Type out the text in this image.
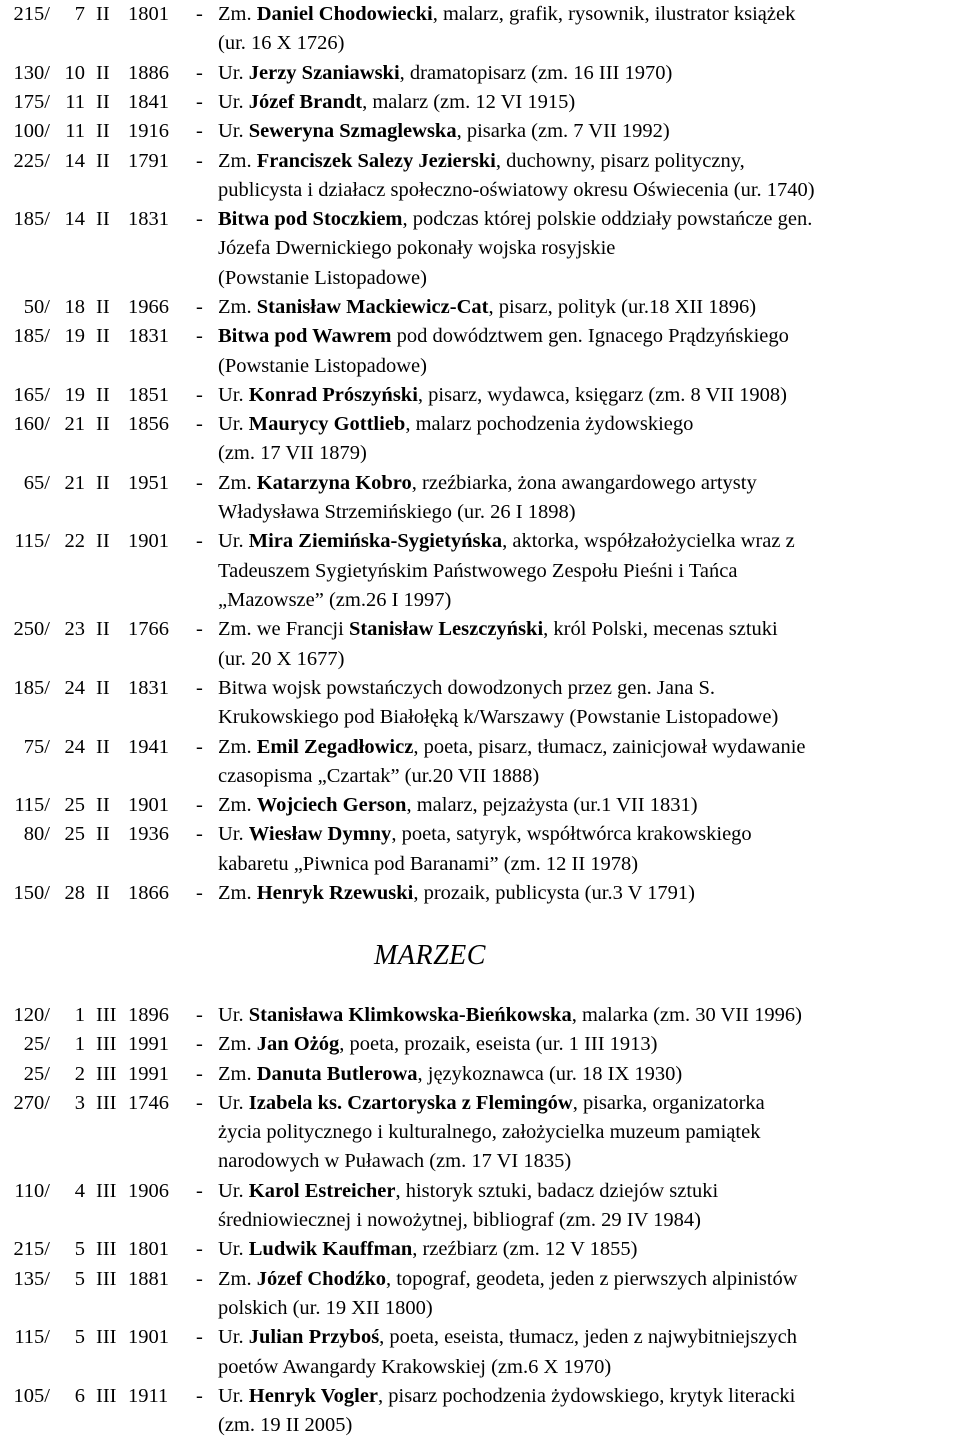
215/	7 II 1801	- Zm. Daniel Chodowiecki, malarz, grafik, rysownik, ilustrator książek
(ur. 16 X 1726)
130/ 10 II 1886	- Ur. Jerzy Szaniawski, dramatopisarz (zm. 16 III 1970)
175/ 11 II 1841	- Ur. Józef Brandt, malarz (zm. 12 VI 1915)
100/ 11 II 1916	- Ur. Seweryna Szmaglewska, pisarka (zm. 7 VII 1992)
225/ 14 II 1791	- Zm. Franciszek Salezy Jezierski, duchowny, pisarz polityczny,
publicysta i działacz społeczno-oświatowy okresu Oświecenia (ur. 1740)
185/ 14 II 1831	- Bitwa pod Stoczkiem, podczas której polskie oddziały powstańcze gen.
Józefa Dwernickiego pokonały wojska rosyjskie
(Powstanie Listopadowe)
50/ 18 II 1966	- Zm. Stanisław Mackiewicz-Cat, pisarz, polityk (ur.18 XII 1896)
185/ 19 II 1831	- Bitwa pod Wawrem pod dowództwem gen. Ignacego Prądzyńskiego
(Powstanie Listopadowe)
165/ 19 II 1851	- Ur. Konrad Prószyński, pisarz, wydawca, księgarz (zm. 8 VII 1908)
160/ 21 II 1856	- Ur. Maurycy Gottlieb, malarz pochodzenia żydowskiego
(zm. 17 VII 1879)
65/ 21 II 1951	- Zm. Katarzyna Kobro, rzeźbiarka, żona awangardowego artysty
Władysława Strzemińskiego (ur. 26 I 1898)
115/ 22 II 1901	- Ur. Mira Ziemińska-Sygietyńska, aktorka, współzałożycielka wraz z
Tadeuszem Sygietyńskim Państwowego Zespołu Pieśni i Tańca
„Mazowsze” (zm.26 I 1997)
250/ 23 II 1766	- Zm. we Francji Stanisław Leszczyński, król Polski, mecenas sztuki
(ur. 20 X 1677)
185/ 24 II 1831	- Bitwa wojsk powstańczych dowodzonych przez gen. Jana S.
Krukowskiego pod Białołęką k/Warszawy (Powstanie Listopadowe)
75/ 24 II 1941	- Zm. Emil Zegadłowicz, poeta, pisarz, tłumacz, zainicjował wydawanie
czasopisma „Czartak” (ur.20 VII 1888)
115/ 25 II 1901	- Zm. Wojciech Gerson, malarz, pejzażysta (ur.1 VII 1831)
80/ 25 II 1936	- Ur. Wiesław Dymny, poeta, satyryk, współtwórca krakowskiego
kabaretu „Piwnica pod Baranami” (zm. 12 II 1978)
150/ 28 II 1866	- Zm. Henryk Rzewuski, prozaik, publicysta (ur.3 V 1791)
MARZEC
120/	1 III 1896	- Ur. Stanisława Klimkowska-Bieńkowska, malarka (zm. 30 VII 1996)
25/	1 III 1991	- Zm. Jan Ożóg, poeta, prozaik, eseista (ur. 1 III 1913)
25/	2 III 1991	- Zm. Danuta Butlerowa, językoznawca (ur. 18 IX 1930)
270/	3 III 1746	- Ur. Izabela ks. Czartoryska z Flemingów, pisarka, organizatorka
życia politycznego i kulturalnego, założycielka muzeum pamiątek
narodowych w Puławach (zm. 17 VI 1835)
110/	4 III 1906	- Ur. Karol Estreicher, historyk sztuki, badacz dziejów sztuki
średniowiecznej i nowożytnej, bibliograf (zm. 29 IV 1984)
215/	5 III 1801	- Ur. Ludwik Kauffman, rzeźbiarz (zm. 12 V 1855)
135/	5 III 1881	- Zm. Józef Chodźko, topograf, geodeta, jeden z pierwszych alpinistów
polskich (ur. 19 XII 1800)
115/	5 III 1901	- Ur. Julian Przyboś, poeta, eseista, tłumacz, jeden z najwybitniejszych
poetów Awangardy Krakowskiej (zm.6 X 1970)
105/	6 III 1911	- Ur. Henryk Vogler, pisarz pochodzenia żydowskiego, krytyk literacki
(zm. 19 II 2005)
